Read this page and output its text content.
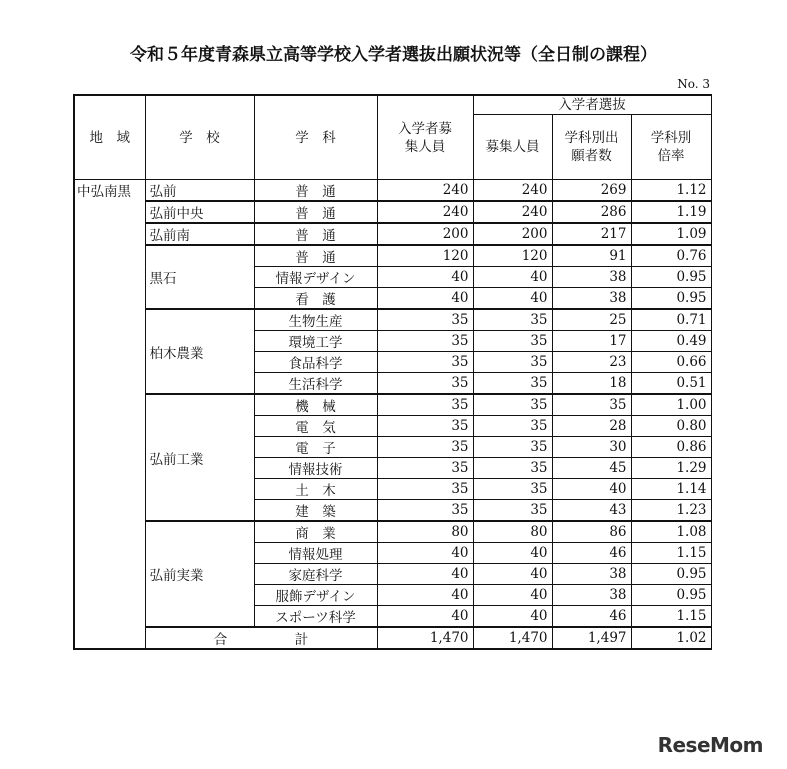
令和５年度青森県立高等学校入学者選抜出願状況等（全日制の課程）
No. 3
地　域	学　校	学　科	入学者募集人員	入学者選抜		
				募集人員	学科別出願者数	学科別倍率
中弘南黒	弘前	普　通	240	240	269	1.12
	弘前中央	普　通	240	240	286	1.19
	弘前南	普　通	200	200	217	1.09
	黒石	普　通	120	120	91	0.76
		情報デザイン	40	40	38	0.95
		看　護	40	40	38	0.95
	柏木農業	生物生産	35	35	25	0.71
		環境工学	35	35	17	0.49
		食品科学	35	35	23	0.66
		生活科学	35	35	18	0.51
	弘前工業	機　械	35	35	35	1.00
		電　気	35	35	28	0.80
		電　子	35	35	30	0.86
		情報技術	35	35	45	1.29
		土　木	35	35	40	1.14
		建　築	35	35	43	1.23
	弘前実業	商　業	80	80	86	1.08
		情報処理	40	40	46	1.15
		家庭科学	40	40	38	0.95
		服飾デザイン	40	40	38	0.95
		スポーツ科学	40	40	46	1.15
	合　　　　　計		1,470	1,470	1,497	1.02
ReseMom
